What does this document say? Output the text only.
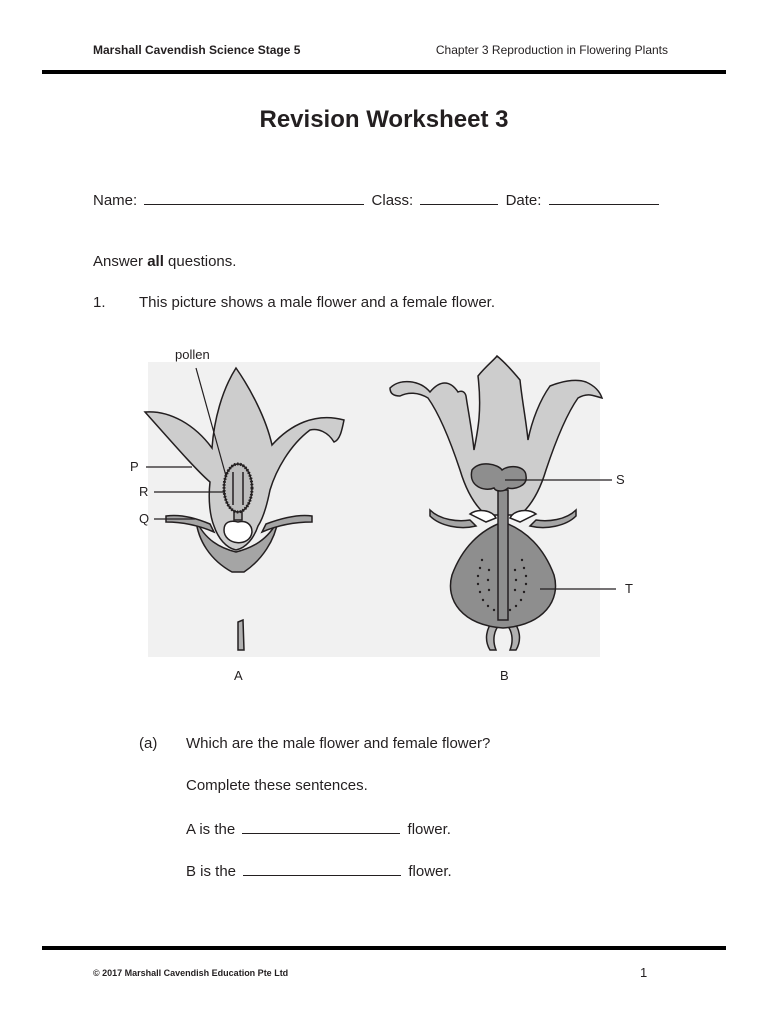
Marshall Cavendish Science Stage 5	Chapter 3 Reproduction in Flowering Plants
Revision Worksheet 3
Name:	Class:	Date:
Answer all questions.
1. This picture shows a male flower and a female flower.
pollen
P
R
Q
S
T
A	B
(a) Which are the male flower and female flower?
Complete these sentences.
A is the	flower.
B is the	flower.
© 2017 Marshall Cavendish Education Pte Ltd	1
